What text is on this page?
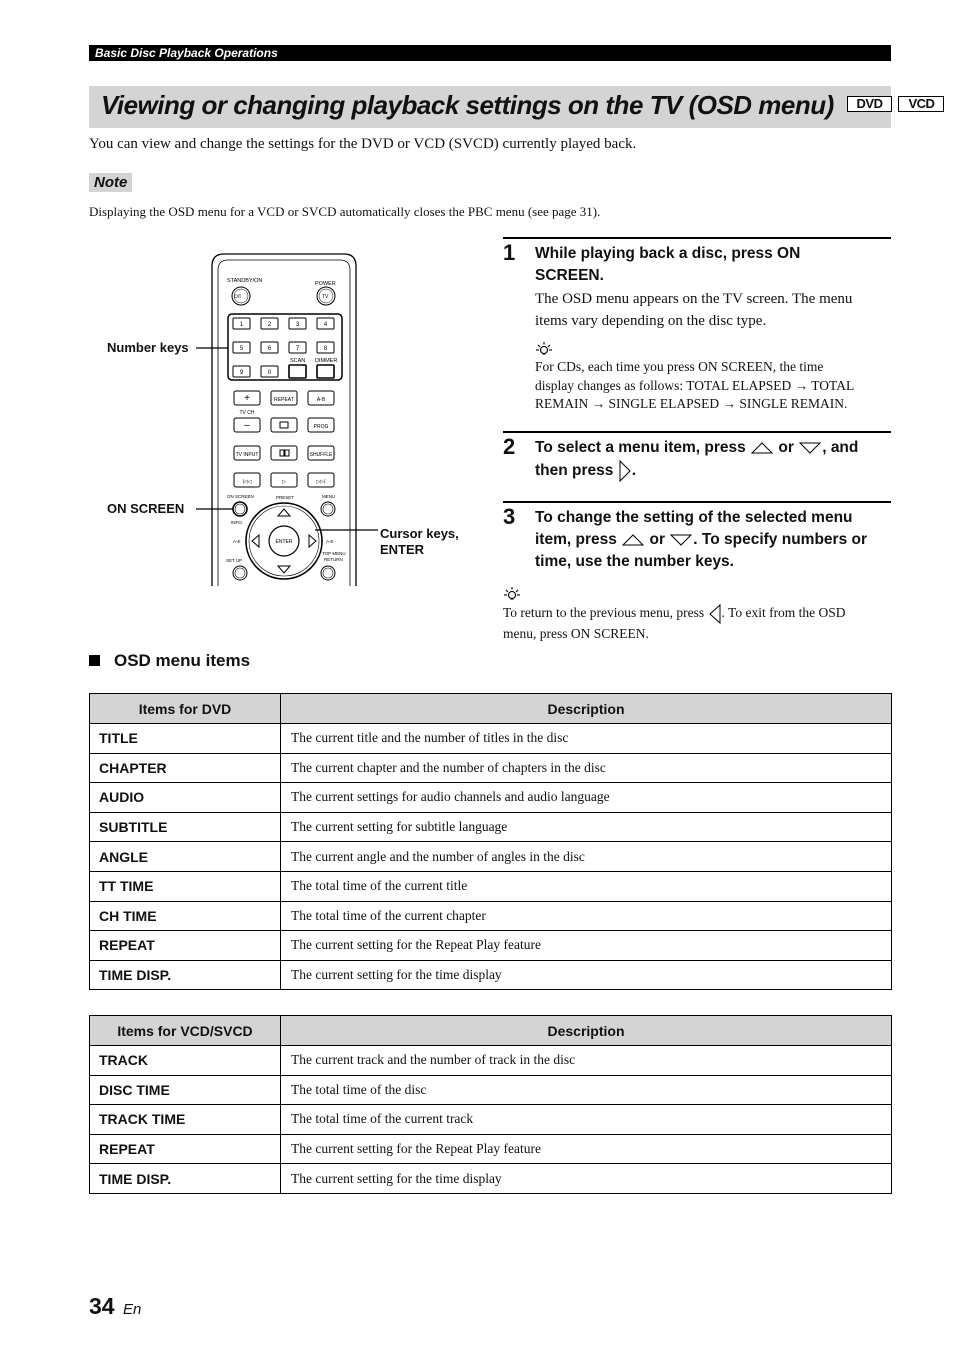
Basic Disc Playback Operations
Viewing or changing playback settings on the TV (OSD menu) DVD VCD

You can view and change the settings for the DVD or VCD (SVCD) currently played back.

Note

Displaying the OSD menu for a VCD or SVCD automatically closes the PBC menu (see page 31).

STANDBY/ON	POWER
⏻/I	TV
1	2	3	4
5	6	7	8
9	0
SCAN DIMMER
+	REPEAT	A-B
TV CH
–	PROG
TV INPUT	SHUFFLE
|◁◁	▷	▷▷|
ON SCREEN	PRESET	MENU
INFO.
A-E	A-E
SET UP
TOP MENU
RETURN
ENTER
Number keys
ON SCREEN
Cursor keys,
ENTER
1 While playing back a disc, press ON
SCREEN.
The OSD menu appears on the TV screen. The menu
items vary depending on the disc type.
For CDs, each time you press ON SCREEN, the time
display changes as follows: TOTAL ELAPSED → TOTAL
REMAIN → SINGLE ELAPSED → SINGLE REMAIN.
2 To select a menu item, press or , and
then press .
3 To change the setting of the selected menu
item, press or . To specify numbers or
time, use the number keys.
To return to the previous menu, press . To exit from the OSD
menu, press ON SCREEN.
OSD menu items
Items for DVD	Description
TITLE	The current title and the number of titles in the disc
CHAPTER	The current chapter and the number of chapters in the disc
AUDIO	The current settings for audio channels and audio language
SUBTITLE	The current setting for subtitle language
ANGLE	The current angle and the number of angles in the disc
TT TIME	The total time of the current title
CH TIME	The total time of the current chapter
REPEAT	The current setting for the Repeat Play feature
TIME DISP.	The current setting for the time display
Items for VCD/SVCD	Description
TRACK	The current track and the number of track in the disc
DISC TIME	The total time of the disc
TRACK TIME	The total time of the current track
REPEAT	The current setting for the Repeat Play feature
TIME DISP.	The current setting for the time display
34 En
